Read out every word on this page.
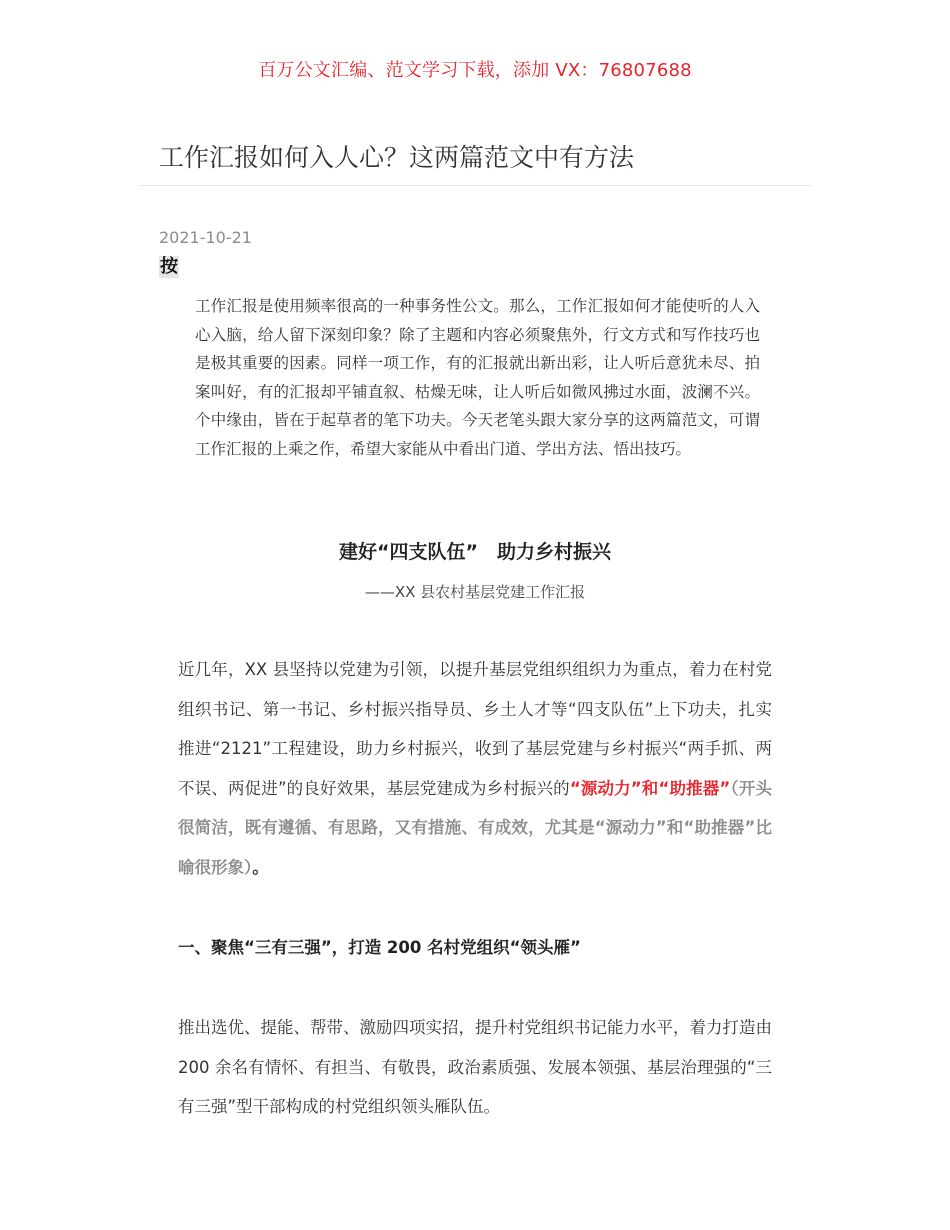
百万公文汇编、范文学习下载，添加 VX：76807688
工作汇报如何入人心？这两篇范文中有方法
2021-10-21
按
工作汇报是使用频率很高的一种事务性公文。那么，工作汇报如何才能使听的人入心入脑，给人留下深刻印象？除了主题和内容必须聚焦外，行文方式和写作技巧也是极其重要的因素。同样一项工作，有的汇报就出新出彩，让人听后意犹未尽、拍案叫好，有的汇报却平铺直叙、枯燥无味，让人听后如微风拂过水面，波澜不兴。个中缘由，皆在于起草者的笔下功夫。今天老笔头跟大家分享的这两篇范文，可谓工作汇报的上乘之作，希望大家能从中看出门道、学出方法、悟出技巧。
建好“四支队伍”　助力乡村振兴
——XX 县农村基层党建工作汇报
近几年，XX 县坚持以党建为引领，以提升基层党组织组织力为重点，着力在村党组织书记、第一书记、乡村振兴指导员、乡土人才等“四支队伍”上下功夫，扎实推进“2121”工程建设，助力乡村振兴，收到了基层党建与乡村振兴“两手抓、两不误、两促进”的良好效果，基层党建成为乡村振兴的“源动力”和“助推器”（开头很简洁，既有遵循、有思路，又有措施、有成效，尤其是“源动力”和“助推器”比喻很形象）。
一、聚焦“三有三强”，打造 200 名村党组织“领头雁”
推出选优、提能、帮带、激励四项实招，提升村党组织书记能力水平，着力打造由 200 余名有情怀、有担当、有敬畏，政治素质强、发展本领强、基层治理强的“三有三强”型干部构成的村党组织领头雁队伍。
